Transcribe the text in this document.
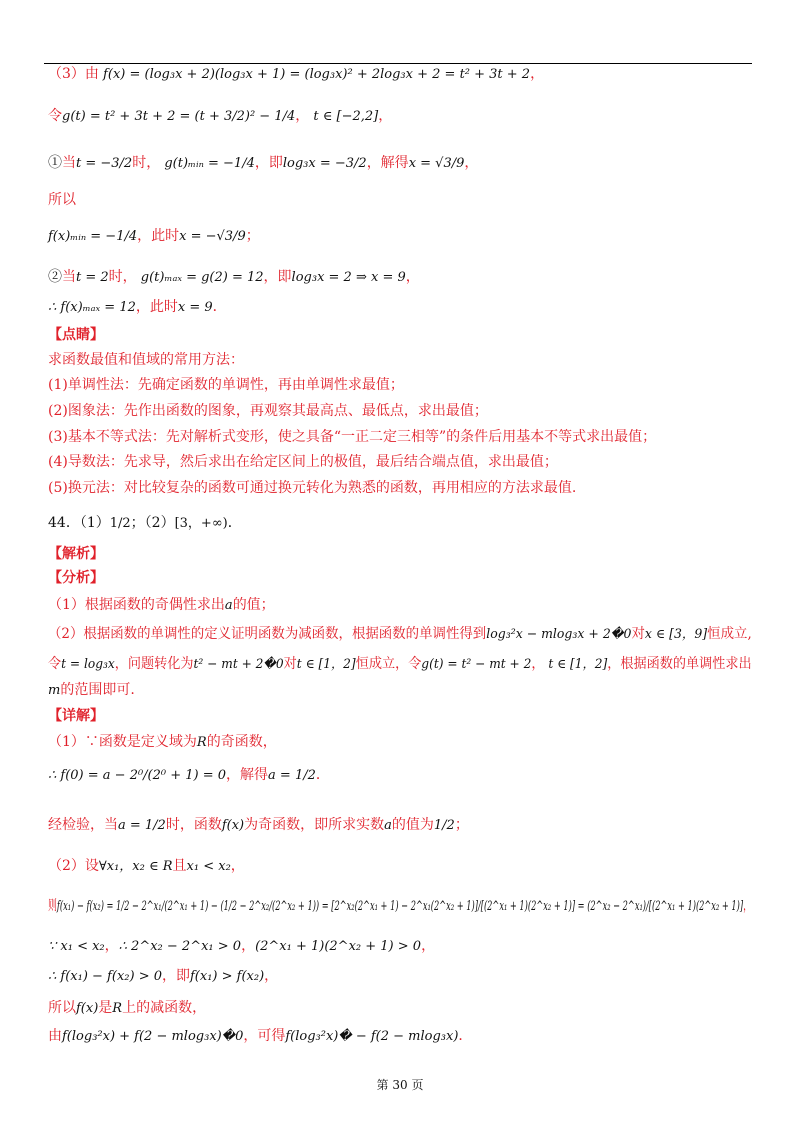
（3）由 f(x) = (log₃x + 2)(log₃x + 1) = (log₃x)² + 2log₃x + 2 = t² + 3t + 2，
令g(t) = t² + 3t + 2 = (t + 3/2)² − 1/4， t ∈ [−2,2]，
①当t = −3/2时， g(t)ₘᵢₙ = −1/4，即log₃x = −3/2，解得x = √3/9，
所以
f(x)ₘᵢₙ = −1/4，此时x = −√3/9；
②当t = 2时， g(t)ₘₐₓ = g(2) = 12，即log₃x = 2 ⇒ x = 9，
∴ f(x)ₘₐₓ = 12，此时x = 9．
【点睛】
求函数最值和值域的常用方法：
(1)单调性法：先确定函数的单调性，再由单调性求最值；
(2)图象法：先作出函数的图象，再观察其最高点、最低点，求出最值；
(3)基本不等式法：先对解析式变形，使之具备“一正二定三相等”的条件后用基本不等式求出最值；
(4)导数法：先求导，然后求出在给定区间上的极值，最后结合端点值，求出最值；
(5)换元法：对比较复杂的函数可通过换元转化为熟悉的函数，再用相应的方法求最值.
44．（1）1/2；（2）[3，+∞)．
【解析】
【分析】
（1）根据函数的奇偶性求出a的值；
（2）根据函数的单调性的定义证明函数为减函数，根据函数的单调性得到log₃²x − mlog₃x + 2�0对x ∈ [3，9]恒成立,
令t = log₃x，问题转化为t² − mt + 2�0对t ∈ [1，2]恒成立，令g(t) = t² − mt + 2， t ∈ [1，2]，根据函数的单调性求出
m的范围即可.
【详解】
（1）∵函数是定义域为R的奇函数，
∴ f(0) = a − 2⁰/(2⁰ + 1) = 0，解得a = 1/2．
经检验，当a = 1/2时，函数f(x)为奇函数，即所求实数a的值为1/2；
（2）设∀x₁，x₂ ∈ R且x₁ < x₂，
则f(x₁) − f(x₂) = 1/2 − 2^x₁/(2^x₁ + 1) − (1/2 − 2^x₂/(2^x₂ + 1)) = [2^x₂(2^x₁ + 1) − 2^x₁(2^x₂ + 1)]/[(2^x₁ + 1)(2^x₂ + 1)] = (2^x₂ − 2^x₁)/[(2^x₁ + 1)(2^x₂ + 1)]，
∵ x₁ < x₂，∴ 2^x₂ − 2^x₁ > 0，(2^x₁ + 1)(2^x₂ + 1) > 0，
∴ f(x₁) − f(x₂) > 0，即f(x₁) > f(x₂)，
所以f(x)是R上的减函数，
由f(log₃²x) + f(2 − mlog₃x)�0，可得f(log₃²x)� − f(2 − mlog₃x)．
第 30 页
